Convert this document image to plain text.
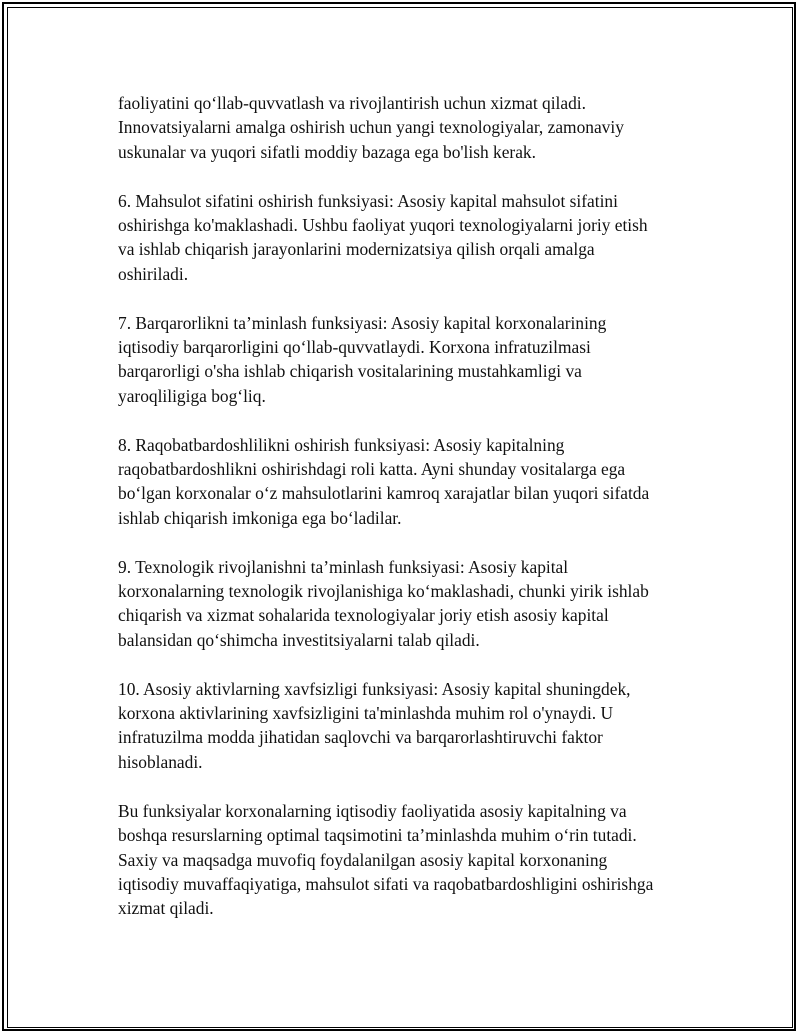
faoliyatini qo‘llab-quvvatlash va rivojlantirish uchun xizmat qiladi.
Innovatsiyalarni amalga oshirish uchun yangi texnologiyalar, zamonaviy
uskunalar va yuqori sifatli moddiy bazaga ega bo'lish kerak.

6. Mahsulot sifatini oshirish funksiyasi: Asosiy kapital mahsulot sifatini
oshirishga ko'maklashadi. Ushbu faoliyat yuqori texnologiyalarni joriy etish
va ishlab chiqarish jarayonlarini modernizatsiya qilish orqali amalga
oshiriladi.

7. Barqarorlikni ta’minlash funksiyasi: Asosiy kapital korxonalarining
iqtisodiy barqarorligini qo‘llab-quvvatlaydi. Korxona infratuzilmasi
barqarorligi o'sha ishlab chiqarish vositalarining mustahkamligi va
yaroqliligiga bog‘liq.

8. Raqobatbardoshlilikni oshirish funksiyasi: Asosiy kapitalning
raqobatbardoshlikni oshirishdagi roli katta. Ayni shunday vositalarga ega
bo‘lgan korxonalar o‘z mahsulotlarini kamroq xarajatlar bilan yuqori sifatda
ishlab chiqarish imkoniga ega bo‘ladilar.

9. Texnologik rivojlanishni ta’minlash funksiyasi: Asosiy kapital
korxonalarning texnologik rivojlanishiga ko‘maklashadi, chunki yirik ishlab
chiqarish va xizmat sohalarida texnologiyalar joriy etish asosiy kapital
balansidan qo‘shimcha investitsiyalarni talab qiladi.

10. Asosiy aktivlarning xavfsizligi funksiyasi: Asosiy kapital shuningdek,
korxona aktivlarining xavfsizligini ta'minlashda muhim rol o'ynaydi. U
infratuzilma modda jihatidan saqlovchi va barqarorlashtiruvchi faktor
hisoblanadi.

Bu funksiyalar korxonalarning iqtisodiy faoliyatida asosiy kapitalning va
boshqa resurslarning optimal taqsimotini ta’minlashda muhim o‘rin tutadi.
Saxiy va maqsadga muvofiq foydalanilgan asosiy kapital korxonaning
iqtisodiy muvaffaqiyatiga, mahsulot sifati va raqobatbardoshligini oshirishga
xizmat qiladi.
